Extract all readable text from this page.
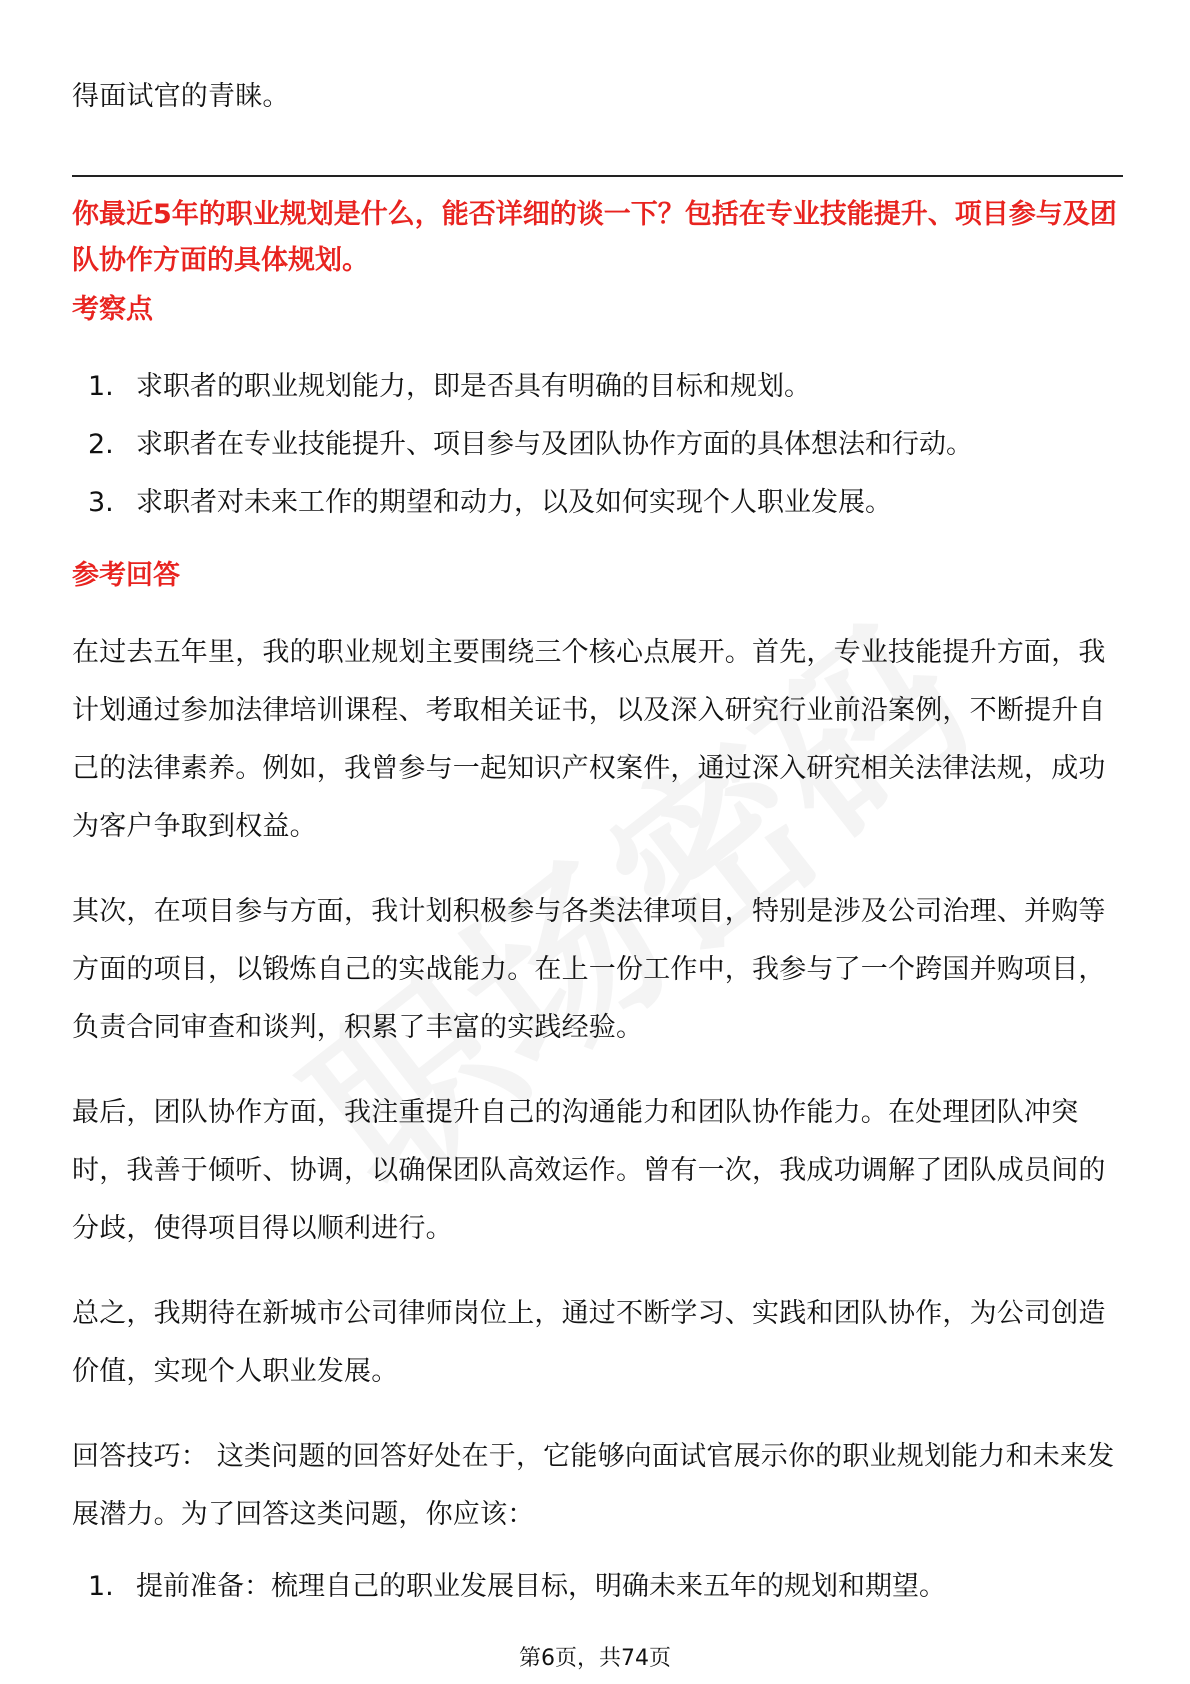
得面试官的青睐。

你最近5年的职业规划是什么，能否详细的谈一下？包括在专业技能提升、项目参与及团队协作方面的具体规划。

考察点

1. 求职者的职业规划能力，即是否具有明确的目标和规划。
2. 求职者在专业技能提升、项目参与及团队协作方面的具体想法和行动。
3. 求职者对未来工作的期望和动力，以及如何实现个人职业发展。

参考回答

在过去五年里，我的职业规划主要围绕三个核心点展开。首先，专业技能提升方面，我计划通过参加法律培训课程、考取相关证书，以及深入研究行业前沿案例，不断提升自己的法律素养。例如，我曾参与一起知识产权案件，通过深入研究相关法律法规，成功为客户争取到权益。

其次，在项目参与方面，我计划积极参与各类法律项目，特别是涉及公司治理、并购等方面的项目，以锻炼自己的实战能力。在上一份工作中，我参与了一个跨国并购项目，负责合同审查和谈判，积累了丰富的实践经验。

最后，团队协作方面，我注重提升自己的沟通能力和团队协作能力。在处理团队冲突时，我善于倾听、协调，以确保团队高效运作。曾有一次，我成功调解了团队成员间的分歧，使得项目得以顺利进行。

总之，我期待在新城市公司律师岗位上，通过不断学习、实践和团队协作，为公司创造价值，实现个人职业发展。

回答技巧： 这类问题的回答好处在于，它能够向面试官展示你的职业规划能力和未来发展潜力。为了回答这类问题，你应该：

1. 提前准备：梳理自己的职业发展目标，明确未来五年的规划和期望。

第6页，共74页
